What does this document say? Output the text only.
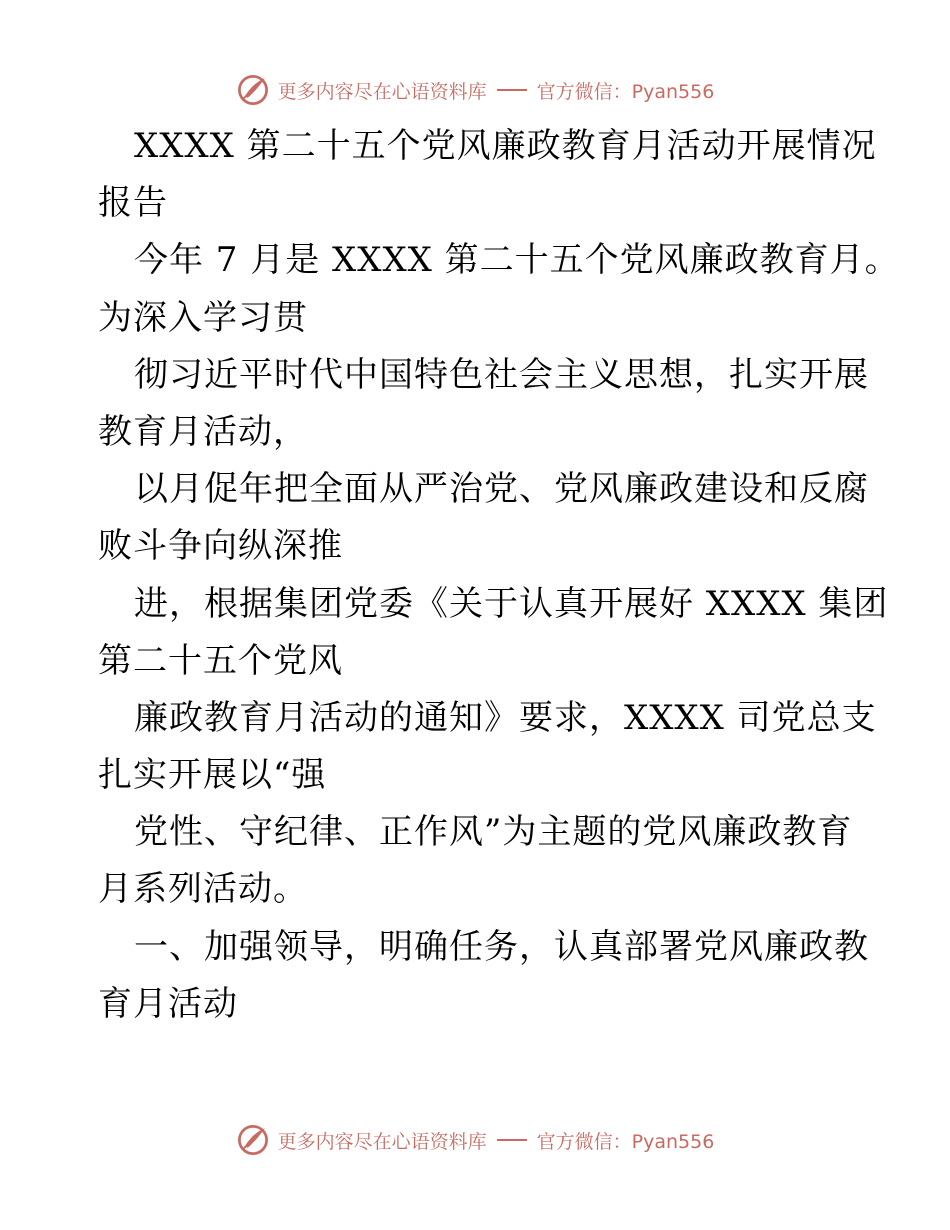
更多内容尽在心语资料库	官方微信：Pyan556
XXXX 第二十五个党风廉政教育月活动开展情况
报告
今年 7 月是 XXXX 第二十五个党风廉政教育月。
为深入学习贯
彻习近平时代中国特色社会主义思想，扎实开展
教育月活动，
以月促年把全面从严治党、党风廉政建设和反腐
败斗争向纵深推
进，根据集团党委《关于认真开展好 XXXX 集团
第二十五个党风
廉政教育月活动的通知》要求，XXXX 司党总支
扎实开展以“强
党性、守纪律、正作风”为主题的党风廉政教育
月系列活动。
一、加强领导，明确任务，认真部署党风廉政教
育月活动
更多内容尽在心语资料库	官方微信：Pyan556
